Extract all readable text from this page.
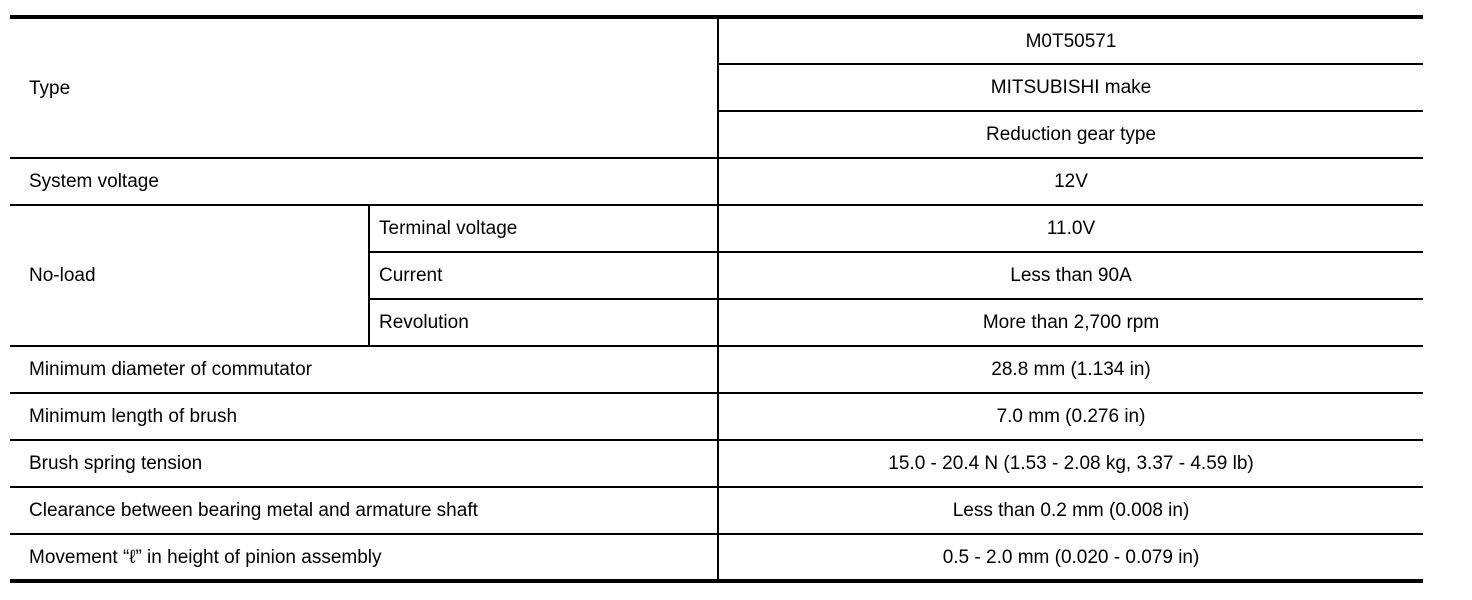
Type		M0T50571
		MITSUBISHI make
		Reduction gear type
System voltage		12V
No-load	Terminal voltage	11.0V
	Current	Less than 90A
	Revolution	More than 2,700 rpm
Minimum diameter of commutator		28.8 mm (1.134 in)
Minimum length of brush		7.0 mm (0.276 in)
Brush spring tension		15.0 - 20.4 N (1.53 - 2.08 kg, 3.37 - 4.59 lb)
Clearance between bearing metal and armature shaft		Less than 0.2 mm (0.008 in)
Movement “ℓ” in height of pinion assembly		0.5 - 2.0 mm (0.020 - 0.079 in)
